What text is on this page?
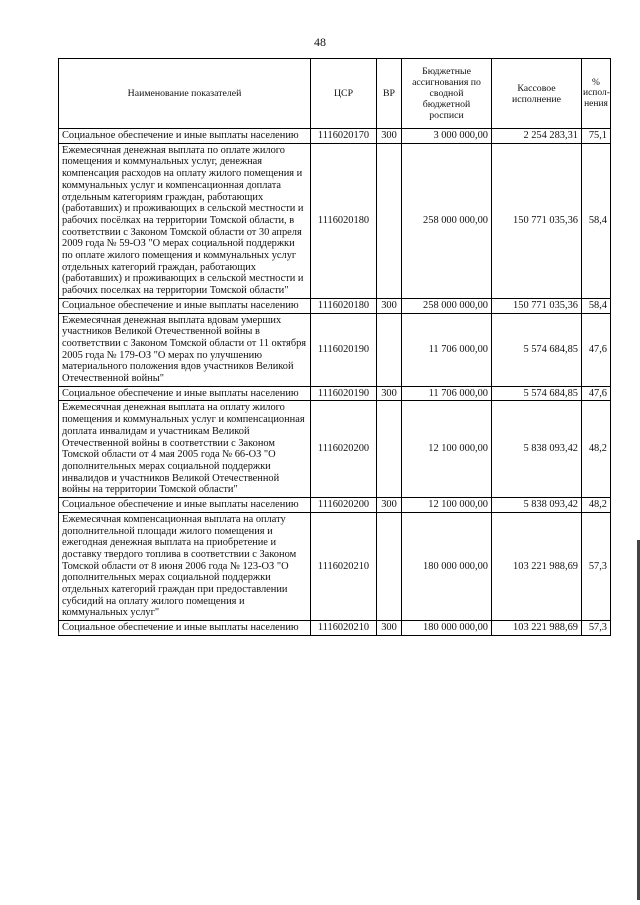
48
Наименование показателей	ЦСР	ВР	Бюджетные ассигнования по сводной бюджетной росписи	Кассовое исполнение	% испол-нения
Социальное обеспечение и иные выплаты населению	1116020170	300	3 000 000,00	2 254 283,31	75,1
Ежемесячная денежная выплата по оплате жилого помещения и коммунальных услуг, денежная компенсация расходов на оплату жилого помещения и коммунальных услуг и компенсационная доплата отдельным категориям граждан, работающих (работавших) и проживающих в сельской местности и рабочих посёлках на территории Томской области, в соответствии с Законом Томской области от 30 апреля 2009 года № 59-ОЗ "О мерах социальной поддержки по оплате жилого помещения и коммунальных услуг отдельных категорий граждан, работающих (работавших) и проживающих в сельской местности и рабочих поселках на территории Томской области"	1116020180		258 000 000,00	150 771 035,36	58,4
Социальное обеспечение и иные выплаты населению	1116020180	300	258 000 000,00	150 771 035,36	58,4
Ежемесячная денежная выплата вдовам умерших участников Великой Отечественной войны в соответствии с Законом Томской области от 11 октября 2005 года № 179-ОЗ "О мерах по улучшению материального положения вдов участников Великой Отечественной войны"	1116020190		11 706 000,00	5 574 684,85	47,6
Социальное обеспечение и иные выплаты населению	1116020190	300	11 706 000,00	5 574 684,85	47,6
Ежемесячная денежная выплата на оплату жилого помещения и коммунальных услуг и компенсационная доплата инвалидам и участникам Великой Отечественной войны в соответствии с Законом Томской области от 4 мая 2005 года № 66-ОЗ "О дополнительных мерах социальной поддержки инвалидов и участников Великой Отечественной войны на территории Томской области"	1116020200		12 100 000,00	5 838 093,42	48,2
Социальное обеспечение и иные выплаты населению	1116020200	300	12 100 000,00	5 838 093,42	48,2
Ежемесячная компенсационная выплата на оплату дополнительной площади жилого помещения и ежегодная денежная выплата на приобретение и доставку твердого топлива в соответствии с Законом Томской области от 8 июня 2006 года № 123-ОЗ "О дополнительных мерах социальной поддержки отдельных категорий граждан при предоставлении субсидий на оплату жилого помещения и коммунальных услуг"	1116020210		180 000 000,00	103 221 988,69	57,3
Социальное обеспечение и иные выплаты населению	1116020210	300	180 000 000,00	103 221 988,69	57,3
